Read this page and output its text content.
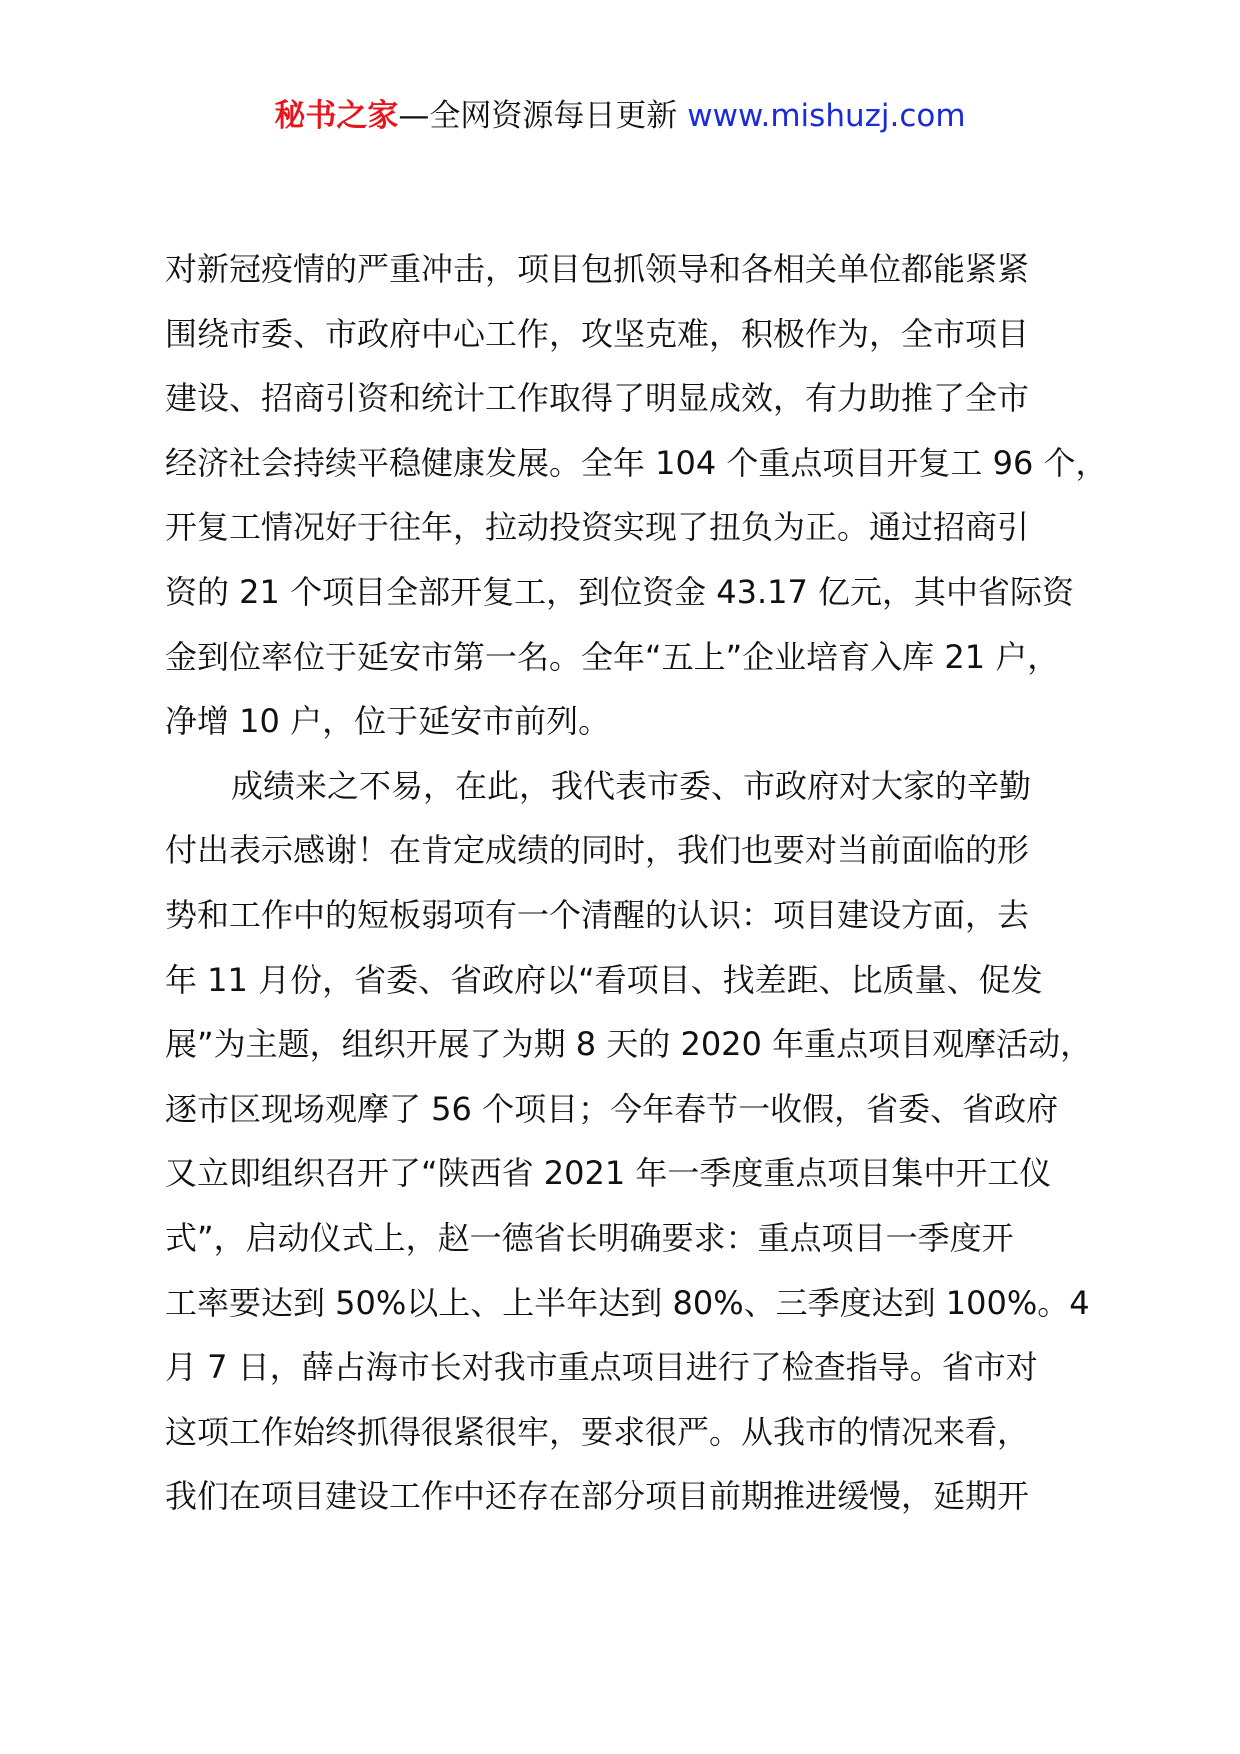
秘书之家—全网资源每日更新 www.mishuzj.com
对新冠疫情的严重冲击，项目包抓领导和各相关单位都能紧紧
围绕市委、市政府中心工作，攻坚克难，积极作为，全市项目
建设、招商引资和统计工作取得了明显成效，有力助推了全市
经济社会持续平稳健康发展。全年 104 个重点项目开复工 96 个，
开复工情况好于往年，拉动投资实现了扭负为正。通过招商引
资的 21 个项目全部开复工，到位资金 43.17 亿元，其中省际资
金到位率位于延安市第一名。全年“五上”企业培育入库 21 户，
净增 10 户，位于延安市前列。
成绩来之不易，在此，我代表市委、市政府对大家的辛勤
付出表示感谢！在肯定成绩的同时，我们也要对当前面临的形
势和工作中的短板弱项有一个清醒的认识：项目建设方面，去
年 11 月份，省委、省政府以“看项目、找差距、比质量、促发
展”为主题，组织开展了为期 8 天的 2020 年重点项目观摩活动，
逐市区现场观摩了 56 个项目；今年春节一收假，省委、省政府
又立即组织召开了“陕西省 2021 年一季度重点项目集中开工仪
式”，启动仪式上，赵一德省长明确要求：重点项目一季度开
工率要达到 50%以上、上半年达到 80%、三季度达到 100%。4
月 7 日，薛占海市长对我市重点项目进行了检查指导。省市对
这项工作始终抓得很紧很牢，要求很严。从我市的情况来看，
我们在项目建设工作中还存在部分项目前期推进缓慢，延期开
